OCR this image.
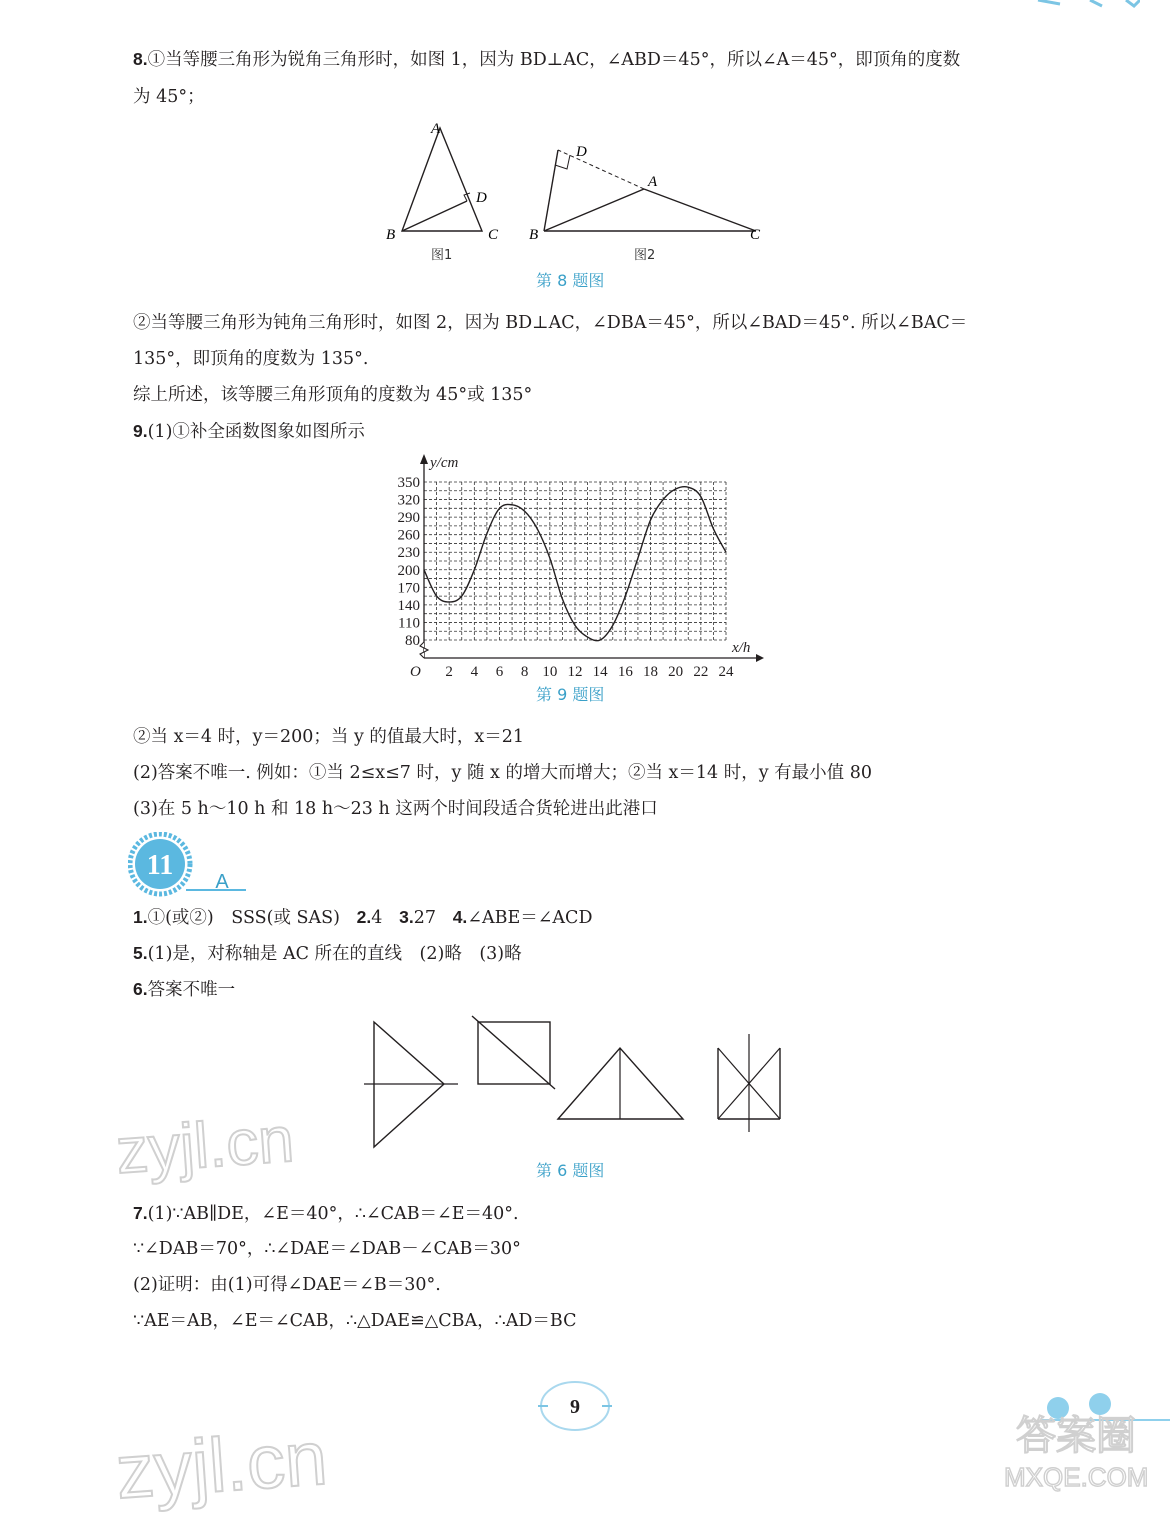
8.①当等腰三角形为锐角三角形时，如图 1，因为 BD⊥AC，∠ABD＝45°，所以∠A＝45°，即顶角的度数
为 45°；
A
B	C
D
D
A
B	C
图1	图2
第 8 题图
②当等腰三角形为钝角三角形时，如图 2，因为 BD⊥AC，∠DBA＝45°，所以∠BAD＝45°. 所以∠BAC＝
135°，即顶角的度数为 135°.
综上所述，该等腰三角形顶角的度数为 45°或 135°
9.(1)①补全函数图象如图所示
2 4 6 8 10 12 14 16 18 20 22 24
80
110
140
170
200
230
260
290
320
350
O
x/h
y/cm
第 9 题图
②当 x＝4 时，y＝200；当 y 的值最大时，x＝21
(2)答案不唯一. 例如：①当 2≤x≤7 时，y 随 x 的增大而增大；②当 x＝14 时，y 有最小值 80
(3)在 5 h～10 h 和 18 h～23 h 这两个时间段适合货轮进出此港口
11
A
1.①(或②)　SSS(或 SAS) 2.4 3.27 4.∠ABE＝∠ACD
5.(1)是，对称轴是 AC 所在的直线　(2)略　(3)略
6.答案不唯一
第 6 题图
7.(1)∵AB∥DE，∠E＝40°，∴∠CAB＝∠E＝40°.
∵∠DAB＝70°，∴∠DAE＝∠DAB－∠CAB＝30°
(2)证明：由(1)可得∠DAE＝∠B＝30°.
∵AE＝AB，∠E＝∠CAB，∴△DAE≌△CBA，∴AD＝BC
9
zyjl.cn
zyjl.cn	答案圈
MXQE.COM
